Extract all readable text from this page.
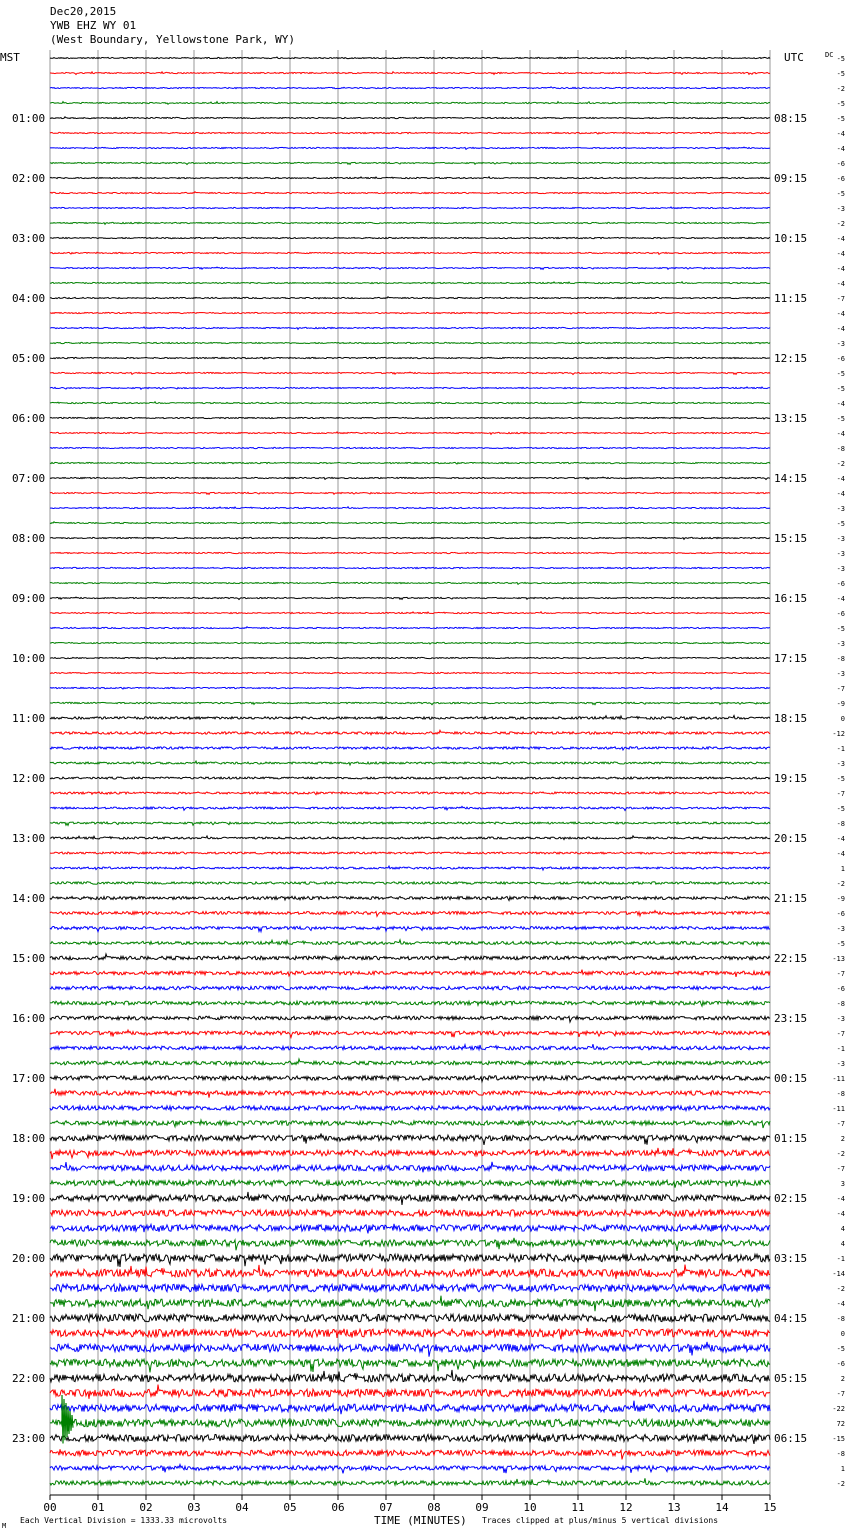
Dec20,2015
YWB EHZ WY 01
(West Boundary, Yellowstone Park, WY)
MST	UTC	DC
01:00	08:15
02:00	09:15
03:00	10:15
04:00	11:15
05:00	12:15
06:00	13:15
07:00	14:15
08:00	15:15
09:00	16:15
10:00	17:15
11:00	18:15
12:00	19:15
13:00	20:15
14:00	21:15
15:00	22:15
16:00	23:15
17:00	00:15
18:00	01:15
19:00	02:15
20:00	03:15
21:00	04:15
22:00	05:15
23:00	06:15
-5
-5
-2
-5
-5
-4
-4
-6
-6
-5
-3
-2
-4
-4
-4
-4
-7
-4
-4
-3
-6
-5
-5
-4
-5
-4
-8
-2
-4
-4
-3
-5
-3
-3
-3
-6
-4
-6
-5
-3
-8
-3
-7
-9
0
-12
-1
-3
-5
-7
-5
-8
-4
-4
1
-2
-9
-6
-3
-5
-13
-7
-6
-8
-3
-7
-1
-3
-11
-8
-11
-7
2
-2
-7
3
-4
-4
4
4
-1
-14
-2
-4
-8
0
-5
-6
2
-7
-22
72
-15
-8
1
-2
00	01	02	03	04	05	06	07	08	09	10	11	12	13	14	15
M
Each Vertical Division = 1333.33 microvolts	TIME (MINUTES) Traces clipped at plus/minus 5 vertical divisions
